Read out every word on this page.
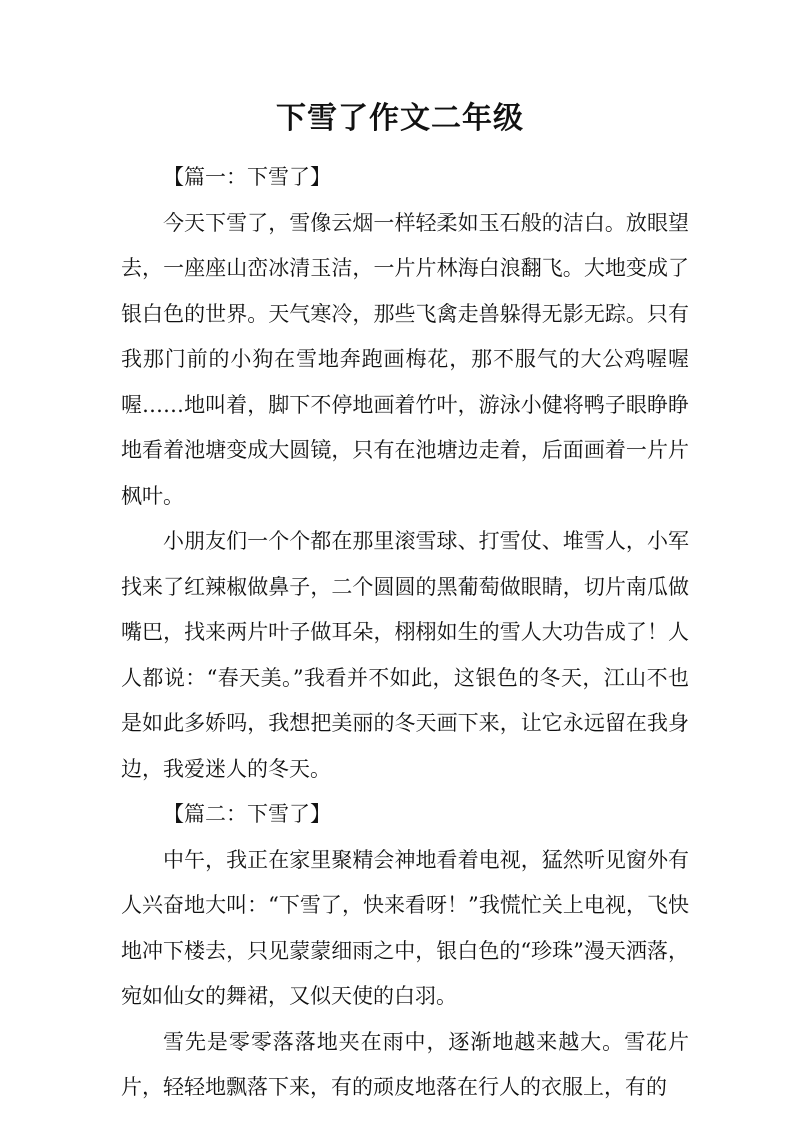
下雪了作文二年级

【篇一：下雪了】

今天下雪了，雪像云烟一样轻柔如玉石般的洁白。放眼望去，一座座山峦冰清玉洁，一片片林海白浪翻飞。大地变成了银白色的世界。天气寒冷，那些飞禽走兽躲得无影无踪。只有我那门前的小狗在雪地奔跑画梅花，那不服气的大公鸡喔喔喔……地叫着，脚下不停地画着竹叶，游泳小健将鸭子眼睁睁地看着池塘变成大圆镜，只有在池塘边走着，后面画着一片片枫叶。

小朋友们一个个都在那里滚雪球、打雪仗、堆雪人，小军找来了红辣椒做鼻子，二个圆圆的黑葡萄做眼睛，切片南瓜做嘴巴，找来两片叶子做耳朵，栩栩如生的雪人大功告成了！人人都说：“春天美。”我看并不如此，这银色的冬天，江山不也是如此多娇吗，我想把美丽的冬天画下来，让它永远留在我身边，我爱迷人的冬天。

【篇二：下雪了】

中午，我正在家里聚精会神地看着电视，猛然听见窗外有人兴奋地大叫：“下雪了，快来看呀！”我慌忙关上电视，飞快地冲下楼去，只见蒙蒙细雨之中，银白色的“珍珠”漫天洒落，宛如仙女的舞裙，又似天使的白羽。

雪先是零零落落地夹在雨中，逐渐地越来越大。雪花片片，轻轻地飘落下来，有的顽皮地落在行人的衣服上，有的
